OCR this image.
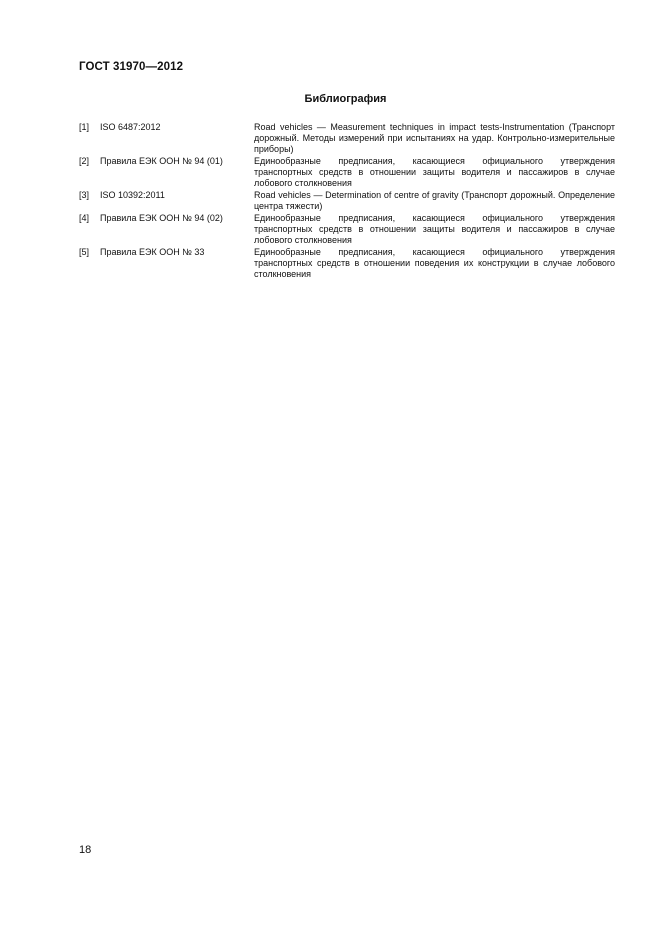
ГОСТ 31970—2012
Библиография
[1]	ISO 6487:2012	Road vehicles — Measurement techniques in impact tests-Instrumentation (Транспорт дорожный. Методы измерений при испытаниях на удар. Контрольно-измерительные приборы)
[2]	Правила ЕЭК ООН № 94 (01)	Единообразные предписания, касающиеся официального утверждения транспортных средств в отношении защиты водителя и пассажиров в случае лобового столкновения
[3]	ISO 10392:2011	Road vehicles — Determination of centre of gravity (Транспорт дорожный. Определение центра тяжести)
[4]	Правила ЕЭК ООН № 94 (02)	Единообразные предписания, касающиеся официального утверждения транспортных средств в отношении защиты водителя и пассажиров в случае лобового столкновения
[5]	Правила ЕЭК ООН № 33	Единообразные предписания, касающиеся официального утверждения транспортных средств в отношении поведения их конструкции в случае лобового столкновения
18
